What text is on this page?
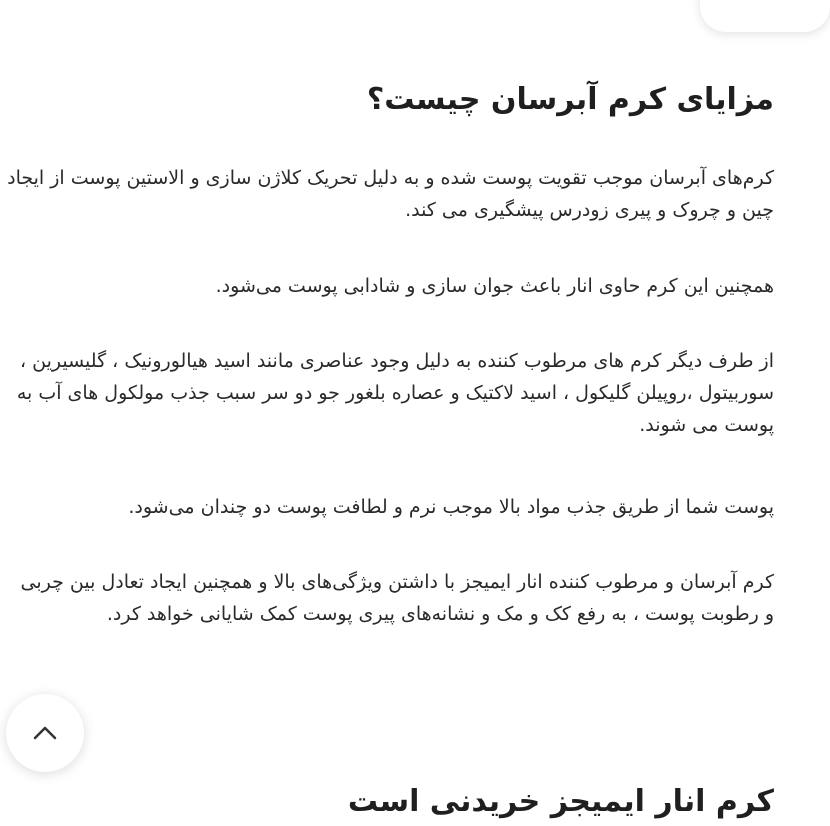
مزایای کرم آبرسان چیست؟

کرم‌های آبرسان موجب تقویت پوست شده و به دلیل تحریک کلاژن سازی و الاستین پوست از ایجاد چین و چروک و پیری زودرس پیشگیری می کند.

همچنین این کرم حاوی انار باعث جوان سازی و شادابی پوست می‌شود.

از طرف دیگر کرم های مرطوب کننده به دلیل وجود عناصری مانند اسید هیالورونیک ، گلیسیرین ، سوربیتول ،روپیلن گلیکول ، اسید لاکتیک و عصاره بلغور جو دو سر سبب جذب مولکول های آب به پوست می شوند.

پوست شما از طریق جذب مواد بالا موجب نرم و لطافت پوست دو چندان می‌شود.

کرم آبرسان و مرطوب کننده انار ایمیجز با داشتن ویژگی‌های بالا و همچنین ایجاد تعادل بین چربی و رطوبت پوست ، به رفع کک و مک و نشانه‌های پیری پوست کمک شایانی خواهد کرد.

کرم انار ایمیجز خریدنی است
